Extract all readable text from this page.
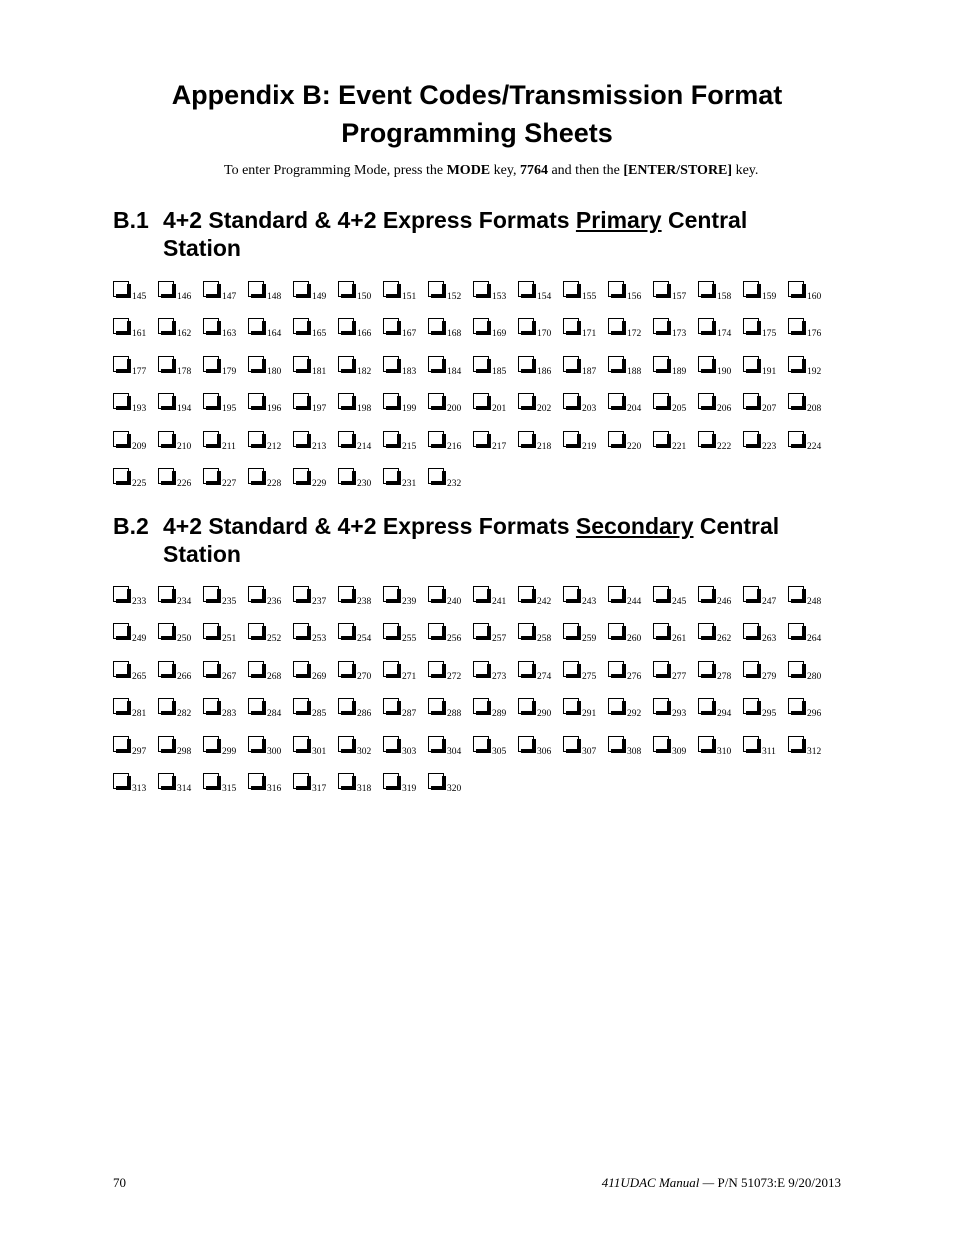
Appendix B: Event Codes/Transmission Format
Programming Sheets
To enter Programming Mode, press the MODE key, 7764 and then the [ENTER/STORE] key.
B.1 4+2 Standard & 4+2 Express Formats Primary Central
Station
145	146	147	148	149	150	151	152	153	154	155	156	157	158	159	160
161	162	163	164	165	166	167	168	169	170	171	172	173	174	175	176
177	178	179	180	181	182	183	184	185	186	187	188	189	190	191	192
193	194	195	196	197	198	199	200	201	202	203	204	205	206	207	208
209	210	211	212	213	214	215	216	217	218	219	220	221	222	223	224
225	226	227	228	229	230	231	232
B.2 4+2 Standard & 4+2 Express Formats Secondary Central
Station
233	234	235	236	237	238	239	240	241	242	243	244	245	246	247	248
249	250	251	252	253	254	255	256	257	258	259	260	261	262	263	264
265	266	267	268	269	270	271	272	273	274	275	276	277	278	279	280
281	282	283	284	285	286	287	288	289	290	291	292	293	294	295	296
297	298	299	300	301	302	303	304	305	306	307	308	309	310	311	312
313	314	315	316	317	318	319	320
70	411UDAC Manual — P/N 51073:E 9/20/2013
